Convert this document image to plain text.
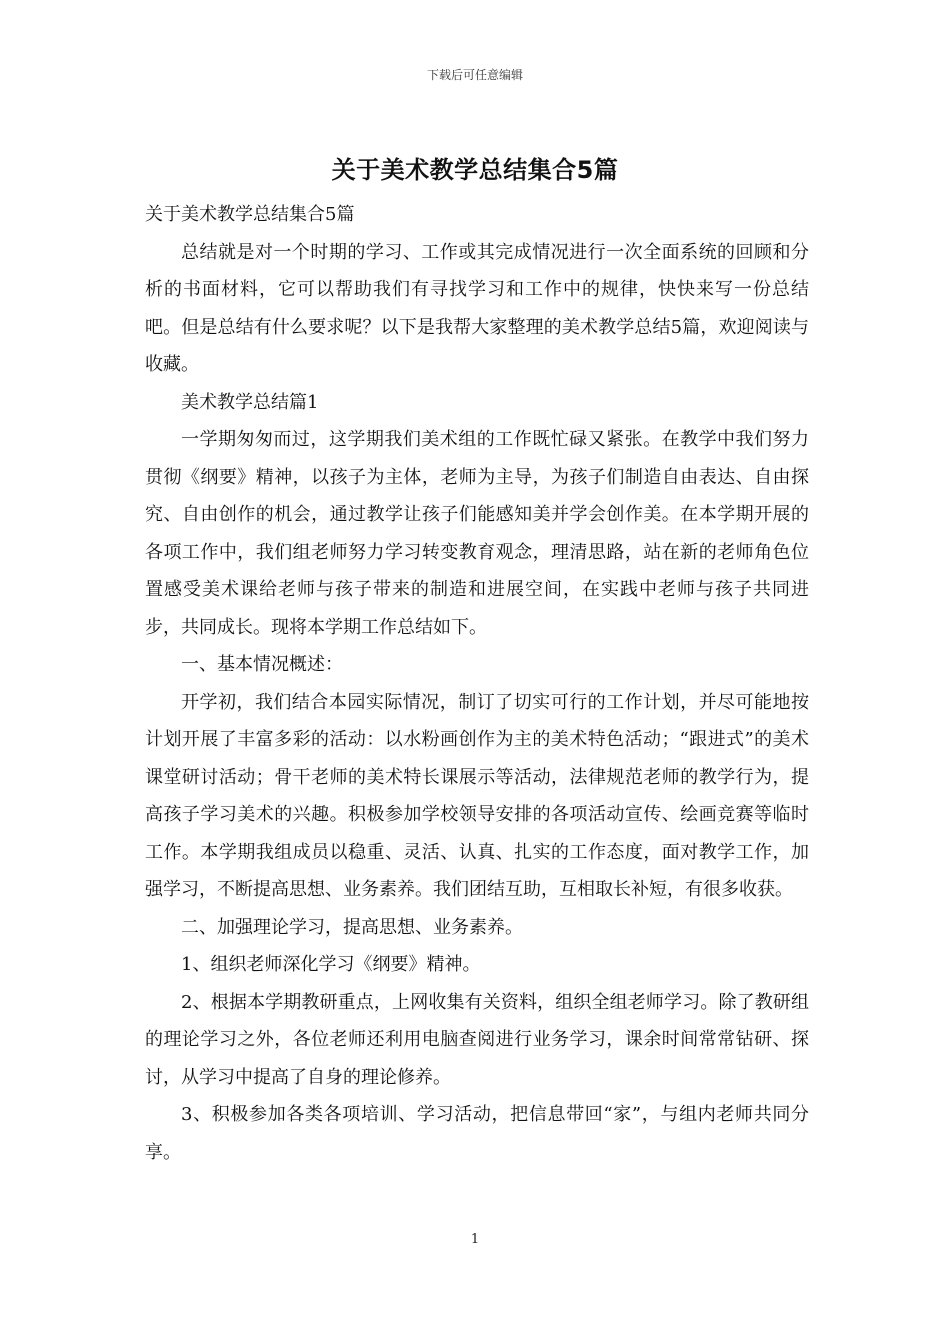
下载后可任意编辑
关于美术教学总结集合5篇

关于美术教学总结集合5篇

总结就是对一个时期的学习、工作或其完成情况进行一次全面系统的回顾和分析的书面材料，它可以帮助我们有寻找学习和工作中的规律，快快来写一份总结吧。但是总结有什么要求呢？以下是我帮大家整理的美术教学总结5篇，欢迎阅读与收藏。

美术教学总结篇1

一学期匆匆而过，这学期我们美术组的工作既忙碌又紧张。在教学中我们努力贯彻《纲要》精神，以孩子为主体，老师为主导，为孩子们制造自由表达、自由探究、自由创作的机会，通过教学让孩子们能感知美并学会创作美。在本学期开展的各项工作中，我们组老师努力学习转变教育观念，理清思路，站在新的老师角色位置感受美术课给老师与孩子带来的制造和进展空间，在实践中老师与孩子共同进步，共同成长。现将本学期工作总结如下。

一、基本情况概述：

开学初，我们结合本园实际情况，制订了切实可行的工作计划，并尽可能地按计划开展了丰富多彩的活动：以水粉画创作为主的美术特色活动；“跟进式”的美术课堂研讨活动；骨干老师的美术特长课展示等活动，法律规范老师的教学行为，提高孩子学习美术的兴趣。积极参加学校领导安排的各项活动宣传、绘画竞赛等临时工作。本学期我组成员以稳重、灵活、认真、扎实的工作态度，面对教学工作，加强学习，不断提高思想、业务素养。我们团结互助，互相取长补短，有很多收获。

二、加强理论学习，提高思想、业务素养。

1、组织老师深化学习《纲要》精神。

2、根据本学期教研重点，上网收集有关资料，组织全组老师学习。除了教研组的理论学习之外，各位老师还利用电脑查阅进行业务学习，课余时间常常钻研、探讨，从学习中提高了自身的理论修养。

3、积极参加各类各项培训、学习活动，把信息带回“家”，与组内老师共同分享。

1
